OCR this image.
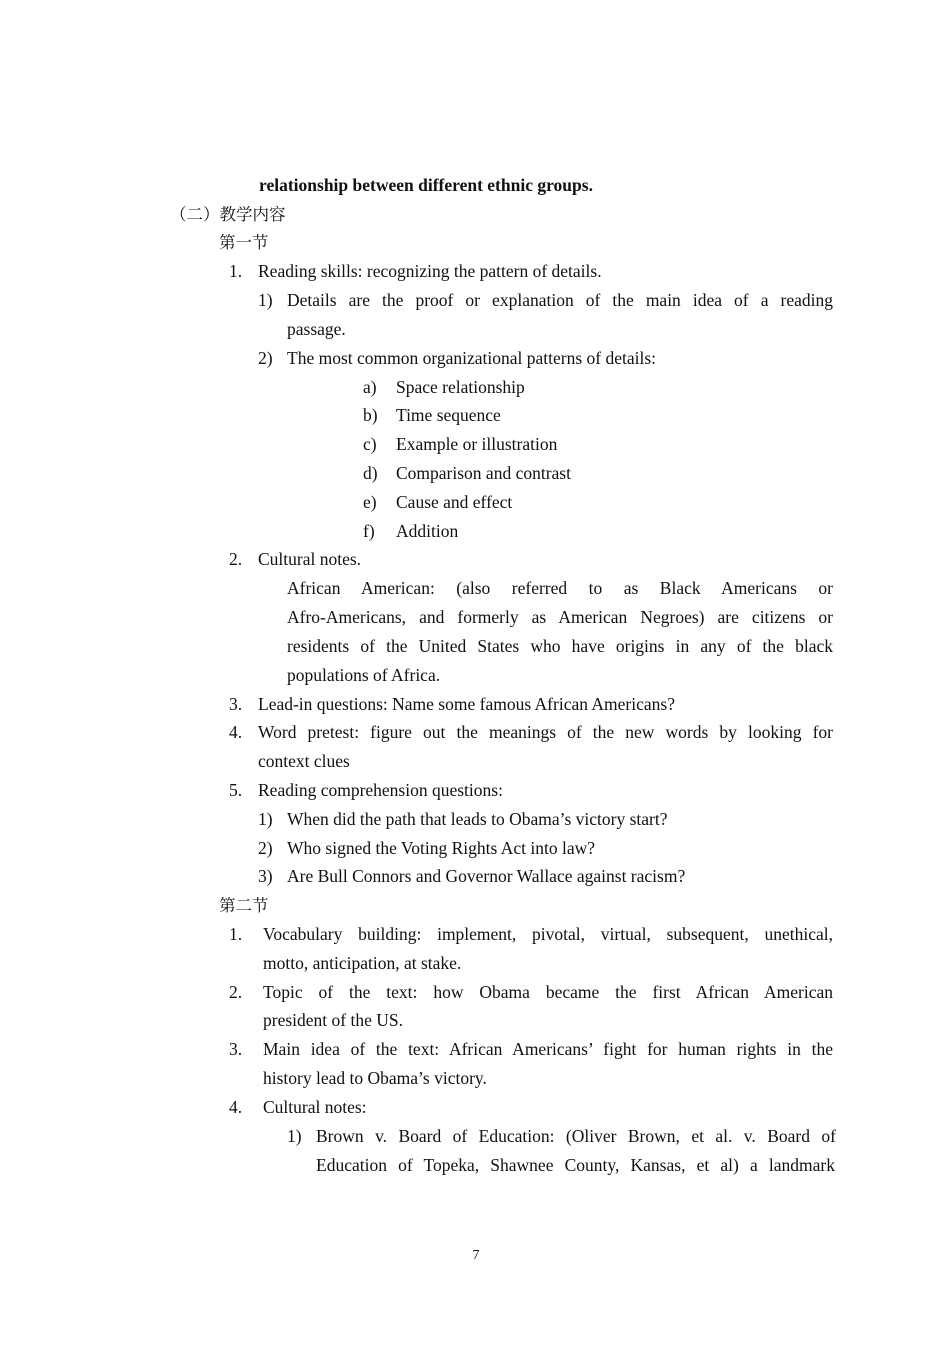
relationship between different ethnic groups.
（二）教学内容
第一节
1. Reading skills: recognizing the pattern of details.
1) Details are the proof or explanation of the main idea of a reading
passage.
2) The most common organizational patterns of details:
a) Space relationship
b) Time sequence
c) Example or illustration
d) Comparison and contrast
e) Cause and effect
f) Addition
2. Cultural notes.
African American: (also referred to as Black Americans or
Afro-Americans, and formerly as American Negroes) are citizens or
residents of the United States who have origins in any of the black
populations of Africa.
3. Lead-in questions: Name some famous African Americans?
4. Word pretest: figure out the meanings of the new words by looking for
context clues
5. Reading comprehension questions:
1) When did the path that leads to Obama’s victory start?
2) Who signed the Voting Rights Act into law?
3) Are Bull Connors and Governor Wallace against racism?
第二节
1. Vocabulary building: implement, pivotal, virtual, subsequent, unethical,
motto, anticipation, at stake.
2. Topic of the text: how Obama became the first African American
president of the US.
3. Main idea of the text: African Americans’ fight for human rights in the
history lead to Obama’s victory.
4. Cultural notes:
1) Brown v. Board of Education: (Oliver Brown, et al. v. Board of
Education of Topeka, Shawnee County, Kansas, et al) a landmark
7
